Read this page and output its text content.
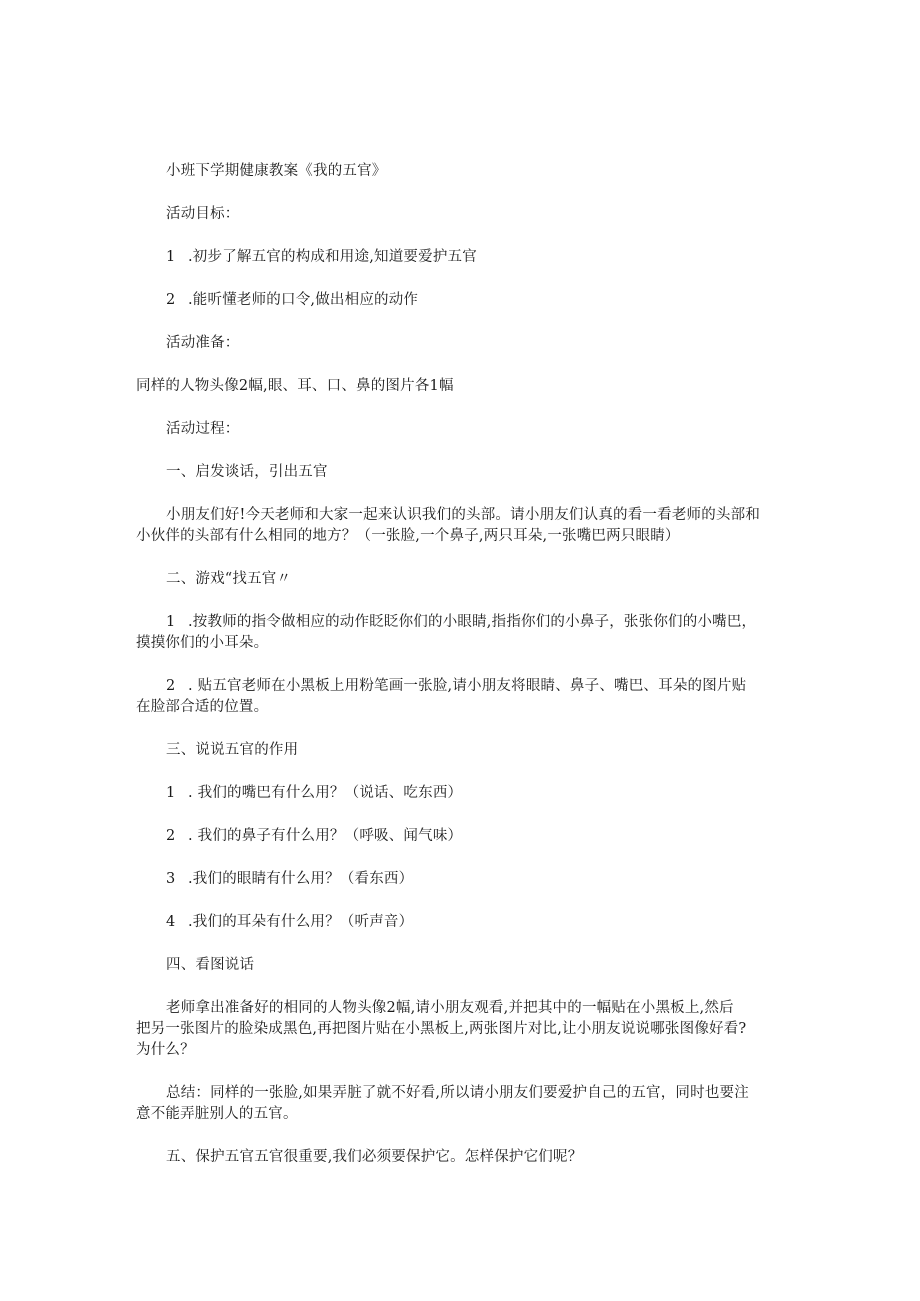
小班下学期健康教案《我的五官》
活动目标：
1 .初步了解五官的构成和用途,知道要爱护五官
2 .能听懂老师的口令,做出相应的动作
活动准备：
同样的人物头像2幅,眼、耳、口、鼻的图片各1幅
活动过程：
一、启发谈话，引出五官
小朋友们好!今天老师和大家一起来认识我们的头部。请小朋友们认真的看一看老师的头部和
小伙伴的头部有什么相同的地方？（一张脸,一个鼻子,两只耳朵,一张嘴巴两只眼睛）
二、游戏“找五官〃
1 .按教师的指令做相应的动作眨眨你们的小眼睛,指指你们的小鼻子，张张你们的小嘴巴，
摸摸你们的小耳朵。
2 . 贴五官老师在小黑板上用粉笔画一张脸,请小朋友将眼睛、鼻子、嘴巴、耳朵的图片贴
在脸部合适的位置。
三、说说五官的作用
1 . 我们的嘴巴有什么用？（说话、吃东西）
2 . 我们的鼻子有什么用？（呼吸、闻气味）
3 .我们的眼睛有什么用？（看东西）
4 .我们的耳朵有什么用？（听声音）
四、看图说话
老师拿出准备好的相同的人物头像2幅,请小朋友观看,并把其中的一幅贴在小黑板上,然后
把另一张图片的脸染成黑色,再把图片贴在小黑板上,两张图片对比,让小朋友说说哪张图像好看?
为什么？
总结：同样的一张脸,如果弄脏了就不好看,所以请小朋友们要爱护自己的五官，同时也要注
意不能弄脏别人的五官。
五、保护五官五官很重要,我们必须要保护它。怎样保护它们呢？
